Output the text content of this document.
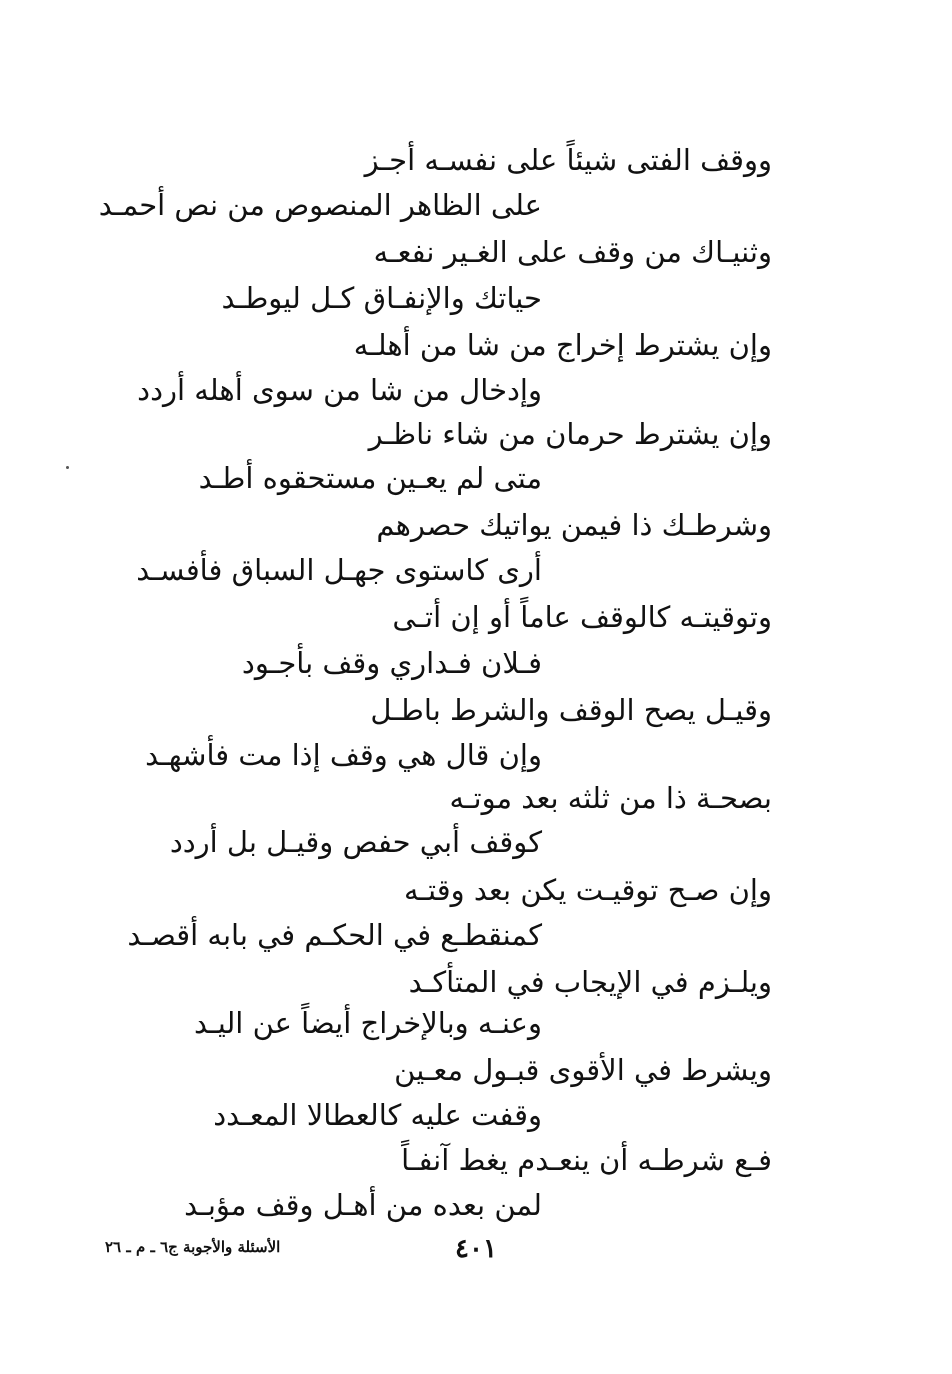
ووقف الفتى شيئاً على نفسـه أجـز
على الظاهر المنصوص من نص أحمـد
وثنيـاك من وقف على الغـير نفعـه
حياتك والإنفـاق كـل ليوطـد
وإن يشترط إخراج من شا من أهلـه
وإدخال من شا من سوى أهله أردد
وإن يشترط حرمان من شاء ناظـر
متى لم يعـين مستحقوه أطـد
وشرطـك ذا فيمن يواتيك حصرهم
أرى كاستوى جهـل السباق فأفسـد
وتوقيتـه كالوقف عاماً أو إن أتـى
فـلان فـداري وقف بأجـود
وقيـل يصح الوقف والشرط باطـل
وإن قال هي وقف إذا مت فأشهـد
بصحـة ذا من ثلثه بعد موتـه
كوقف أبي حفص وقيـل بل أردد
وإن صـح توقيـت يكن بعد وقتـه
كمنقطـع في الحكـم في بابه أقصـد
ويلـزم في الإيجاب في المتأكـد
وعنـه وبالإخراج أيضاً عن اليـد
ويشرط في الأقوى قبـول معـين
وقفت عليه كالعطالا المعـدد
فـع شرطـه أن ينعـدم يغط آنفـاً
لمن بعده من أهـل وقف مؤبـد
٤٠١
الأسئلة والأجوبة ج٦ ـ م ـ ٢٦
